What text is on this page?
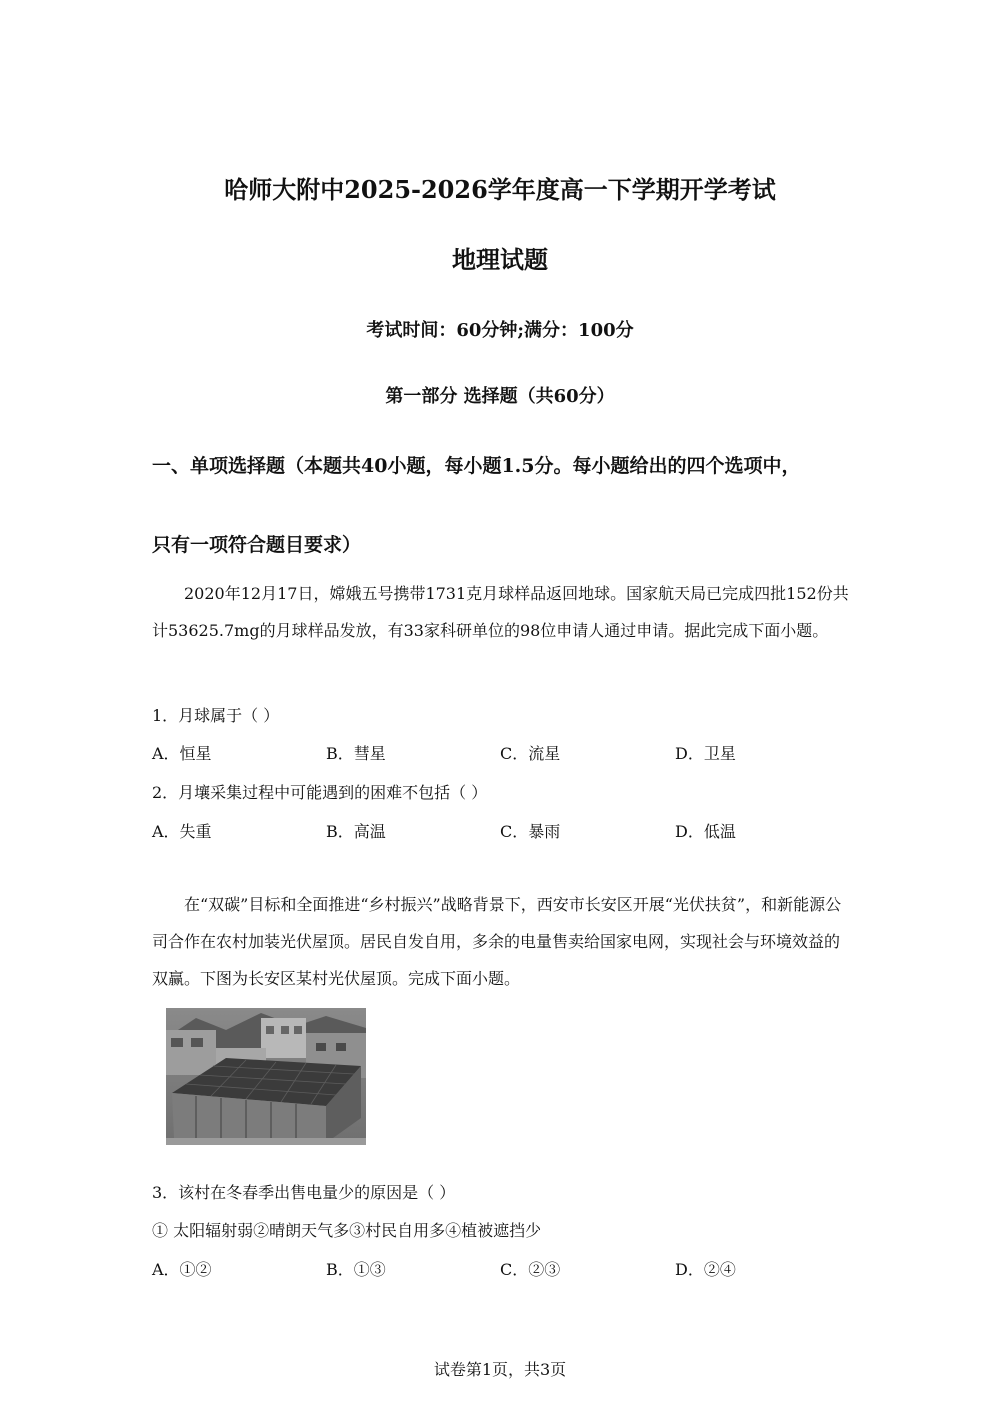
哈师大附中2025-2026学年度高一下学期开学考试
地理试题
考试时间：60分钟;满分：100分
第一部分 选择题（共60分）
一、单项选择题（本题共40小题，每小题1.5分。每小题给出的四个选项中，
只有一项符合题目要求）
2020年12月17日，嫦娥五号携带1731克月球样品返回地球。国家航天局已完成四批152份共计53625.7mg的月球样品发放，有33家科研单位的98位申请人通过申请。据此完成下面小题。
1．月球属于（ ）
A．恒星	B．彗星	C．流星	D．卫星
2．月壤采集过程中可能遇到的困难不包括（ ）
A．失重	B．高温	C．暴雨	D．低温
在“双碳”目标和全面推进“乡村振兴”战略背景下，西安市长安区开展“光伏扶贫”，和新能源公司合作在农村加装光伏屋顶。居民自发自用，多余的电量售卖给国家电网，实现社会与环境效益的双赢。下图为长安区某村光伏屋顶。完成下面小题。
3．该村在冬春季出售电量少的原因是（ ）
① 太阳辐射弱②晴朗天气多③村民自用多④植被遮挡少
A．①②	B．①③	C．②③	D．②④
试卷第1页，共3页
